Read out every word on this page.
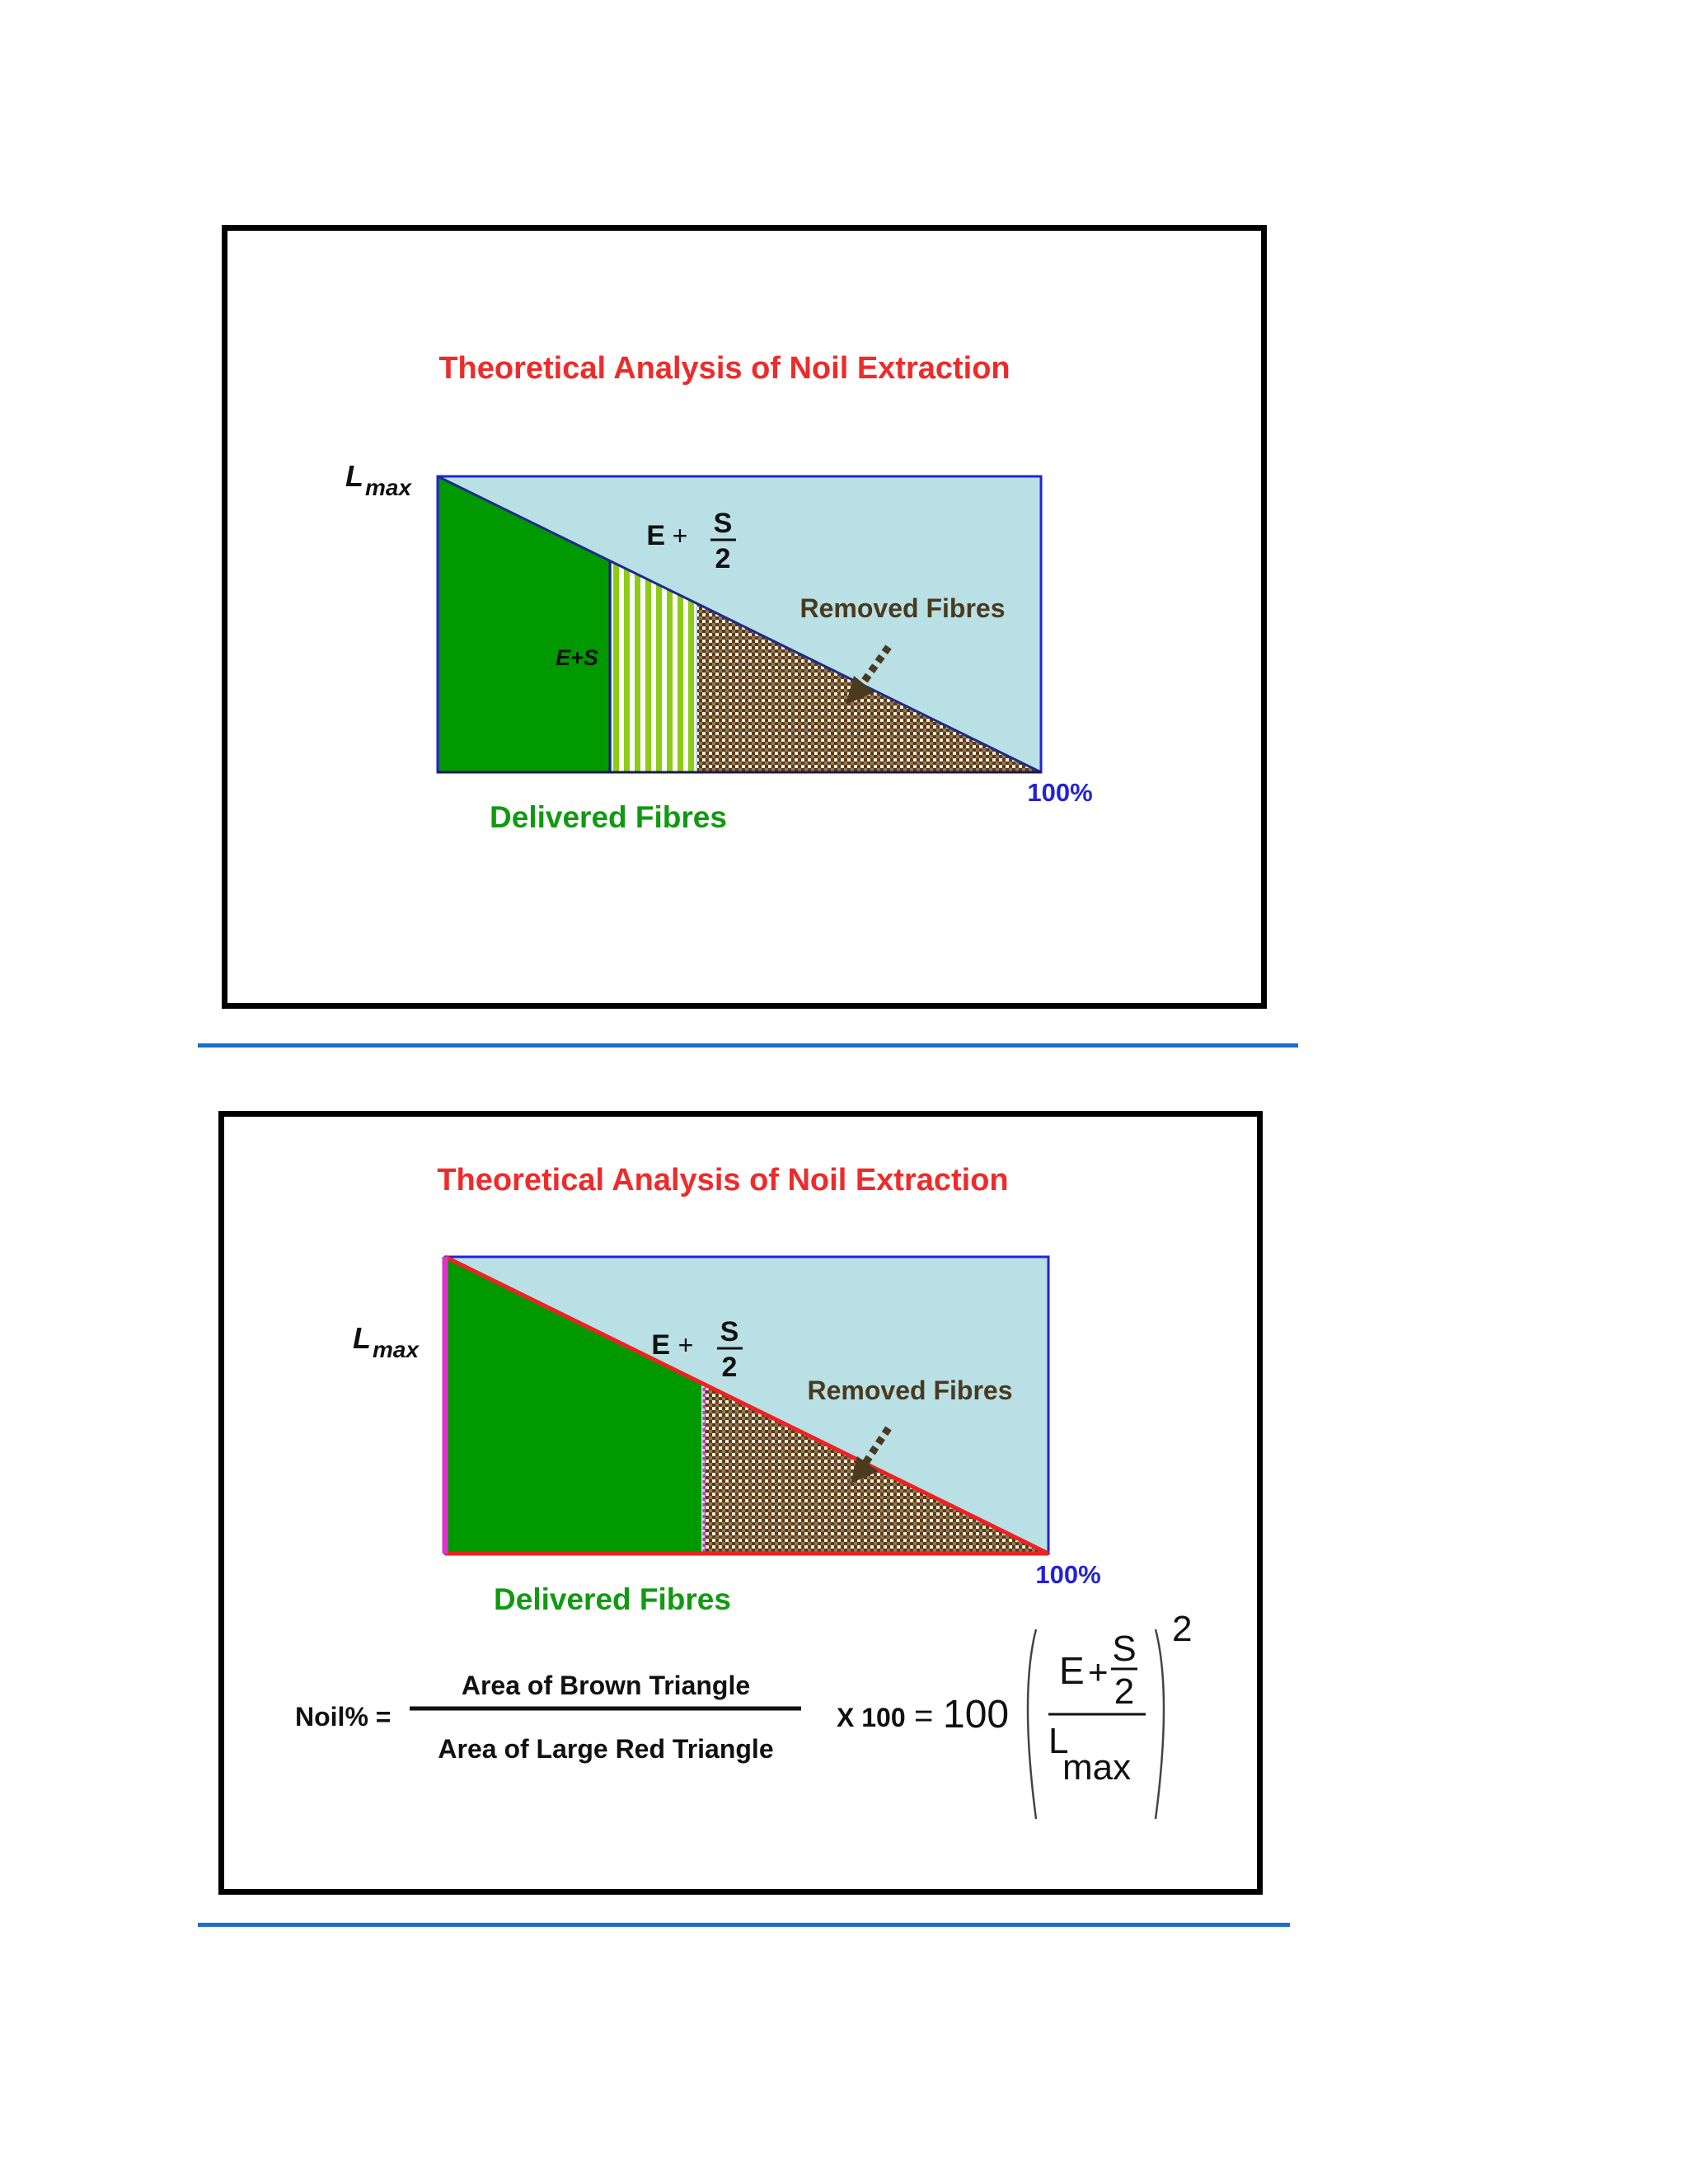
Theoretical Analysis of Noil Extraction
L max
E + S
2
E+S
Removed Fibres
100%
Delivered Fibres
Theoretical Analysis of Noil Extraction
L max	E + S
2
Removed Fibres
100%
Delivered Fibres
Noil% =
Area of Brown Triangle
Area of Large Red Triangle
X 100 = 100
E +
S
2
L
max
2
